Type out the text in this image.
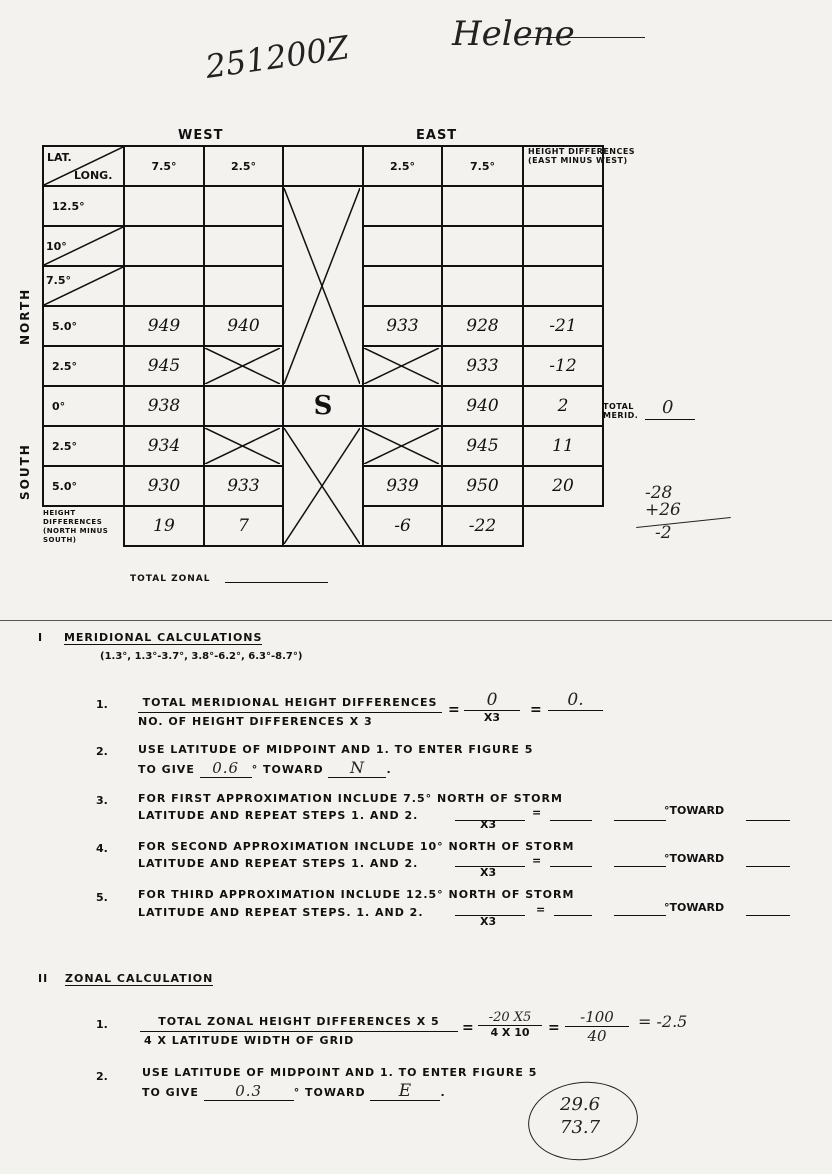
251200Z	Helene
WEST	EAST
HEIGHT DIFFERENCES (EAST MINUS WEST)
NORTH
SOUTH
LAT.
LONG.	7.5°	2.5°		2.5°	7.5°	
12.5°			

10°						

7.5°						
5.0°	949	940		933	928	-21
2.5°	945				933	-12
0°	938		S		940	2
2.5°	934				945	11
5.0°	930	933		939	950	20

HEIGHT DIFFERENCES (NORTH MINUS SOUTH)	19	7		-6	-22	
TOTAL MERID. 0
-28
+26
-2
TOTAL ZONAL
I MERIDIONAL CALCULATIONS
(1.3°, 1.3°-3.7°, 3.8°-6.2°, 6.3°-8.7°)
1.	TOTAL MERIDIONAL HEIGHT DIFFERENCES
NO. OF HEIGHT DIFFERENCES X 3
=	0
X3	=	0.
2.	USE LATITUDE OF MIDPOINT AND 1. TO ENTER FIGURE 5
TO GIVE 0.6 ° TOWARD N .
3.	FOR FIRST APPROXIMATION INCLUDE 7.5° NORTH OF STORM
LATITUDE AND REPEAT STEPS 1. AND 2.
X3
=	°TOWARD
4.	FOR SECOND APPROXIMATION INCLUDE 10° NORTH OF STORM
LATITUDE AND REPEAT STEPS 1. AND 2.
X3
=	°TOWARD
5.	FOR THIRD APPROXIMATION INCLUDE 12.5° NORTH OF STORM
LATITUDE AND REPEAT STEPS. 1. AND 2.
X3
=	°TOWARD
II ZONAL CALCULATION
1.	TOTAL ZONAL HEIGHT DIFFERENCES X 5
4 X LATITUDE WIDTH OF GRID
=
-20 X5
4 X 10	=
-100
40
= -2.5
2.	USE LATITUDE OF MIDPOINT AND 1. TO ENTER FIGURE 5
TO GIVE 0.3	° TOWARD E	.
29.6
73.7
